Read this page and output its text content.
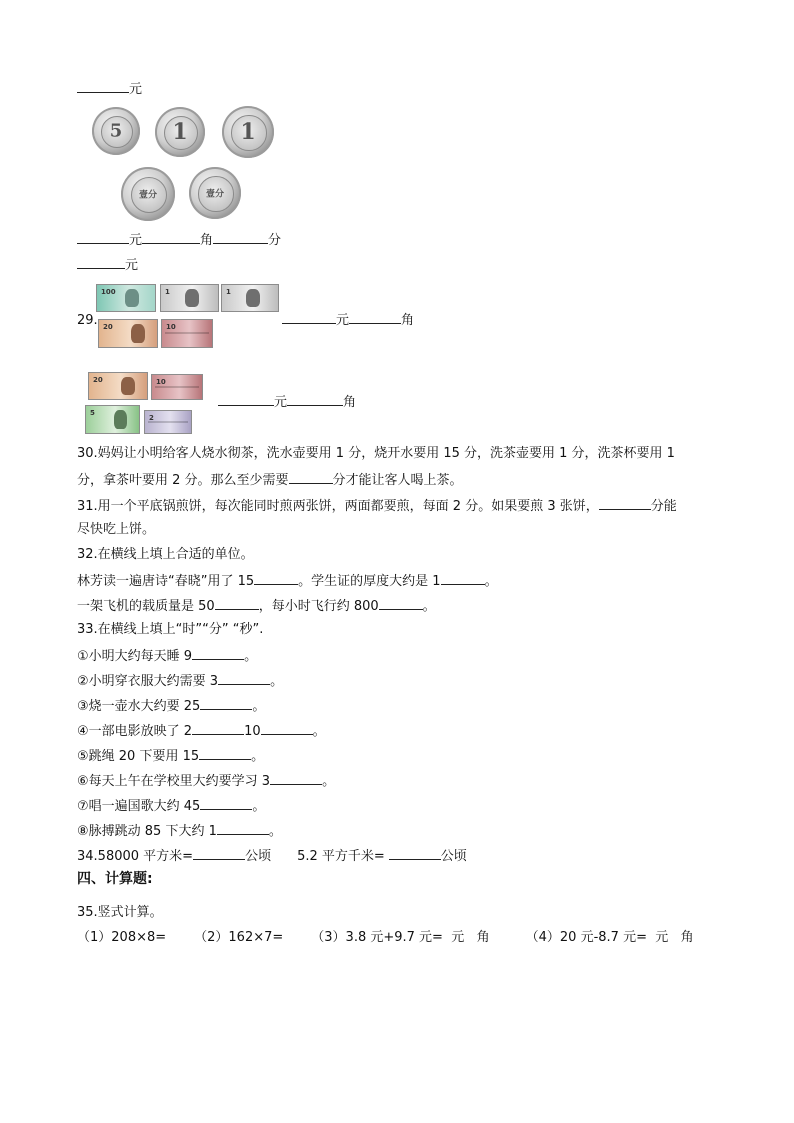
元
5	1	1
壹分	壹分
元	角	分
元
29.
100	1	1
20	10	元	角
20	10
5
2
元	角
30.妈妈让小明给客人烧水彻茶，洗水壶要用 1 分，烧开水要用 15 分，洗茶壶要用 1 分，洗茶杯要用 1
分，拿茶叶要用 2 分。那么至少需要	分才能让客人喝上茶。
31.用一个平底锅煎饼，每次能同时煎两张饼，两面都要煎，每面 2 分。如果要煎 3 张饼，	分能
尽快吃上饼。
32.在横线上填上合适的单位。
林芳读一遍唐诗“春晓”用了 15	。学生证的厚度大约是 1	。
一架飞机的载质量是 50	，每小时飞行约 800	。
33.在横线上填上“时”“分” “秒”.
①小明大约每天睡 9	。
②小明穿衣服大约需要 3	。
③烧一壶水大约要 25	。
④一部电影放映了 2	10	。
⑤跳绳 20 下要用 15	。
⑥每天上午在学校里大约要学习 3	。
⑦唱一遍国歌大约 45	。
⑧脉搏跳动 85 下大约 1	。
34.58000 平方米=	公顷 5.2 平方千米=	公顷
四、计算题:
35.竖式计算。
（1）208×8= （2）162×7= （3）3.8 元+9.7 元=  元   角	（4）20 元-8.7 元=  元   角
